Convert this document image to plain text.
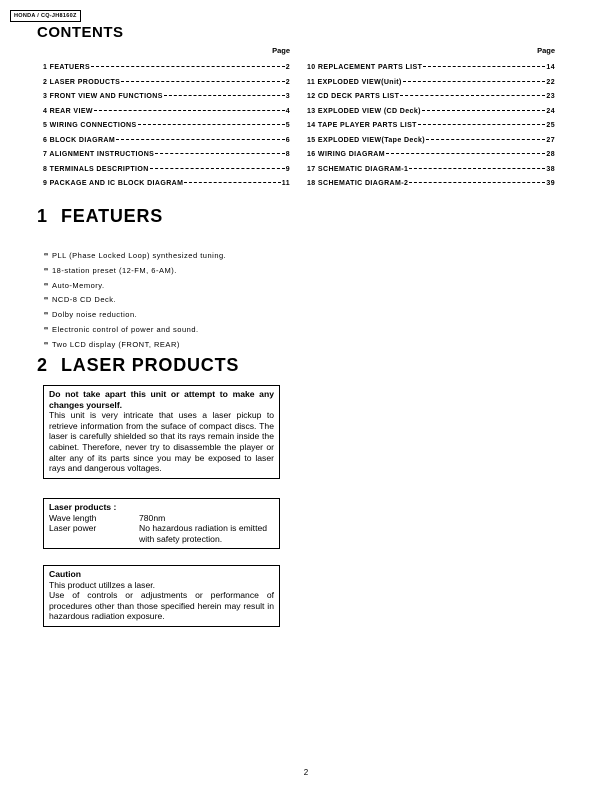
HONDA / CQ-JH8160Z
CONTENTS
Page
1 FEATUERS	2
2 LASER PRODUCTS	2
3 FRONT VIEW AND FUNCTIONS	3
4 REAR VIEW	4
5 WIRING CONNECTIONS	5
6 BLOCK DIAGRAM	6
7 ALIGNMENT INSTRUCTIONS	8
8 TERMINALS DESCRIPTION	9
9 PACKAGE AND IC BLOCK DIAGRAM	11
Page
10 REPLACEMENT PARTS LIST	14
11 EXPLODED VIEW(Unit)	22
12 CD DECK PARTS LIST	23
13 EXPLODED VIEW (CD Deck)	24
14 TAPE PLAYER PARTS LIST	25
15 EXPLODED VIEW(Tape Deck)	27
16 WIRING DIAGRAM	28
17 SCHEMATIC DIAGRAM-1	38
18 SCHEMATIC DIAGRAM-2	39
1 FEATUERS
∞ PLL (Phase Locked Loop) synthesized tuning.
∞ 18-station preset (12-FM, 6-AM).
∞ Auto-Memory.
∞ NCD-8 CD Deck.
∞ Dolby noise reduction.
∞ Electronic control of power and sound.
∞ Two LCD display (FRONT, REAR)
2 LASER PRODUCTS

Do not take apart this unit or attempt to make any changes yourself.

This unit is very intricate that uses a laser pickup to retrieve information from the suface of compact discs. The laser is carefully shielded so that its rays remain inside the cabinet. Therefore, never try to disassemble the player or alter any of its parts since you may be exposed to laser rays and dangerous voltages.

Laser products :
Wave length	780nm
Laser power	No hazardous radiation is emitted with safety protection.
Caution

This product utillzes a laser.

Use of controls or adjustments or performance of procedures other than those specified herein may result in hazardous radiation exposure.

2
